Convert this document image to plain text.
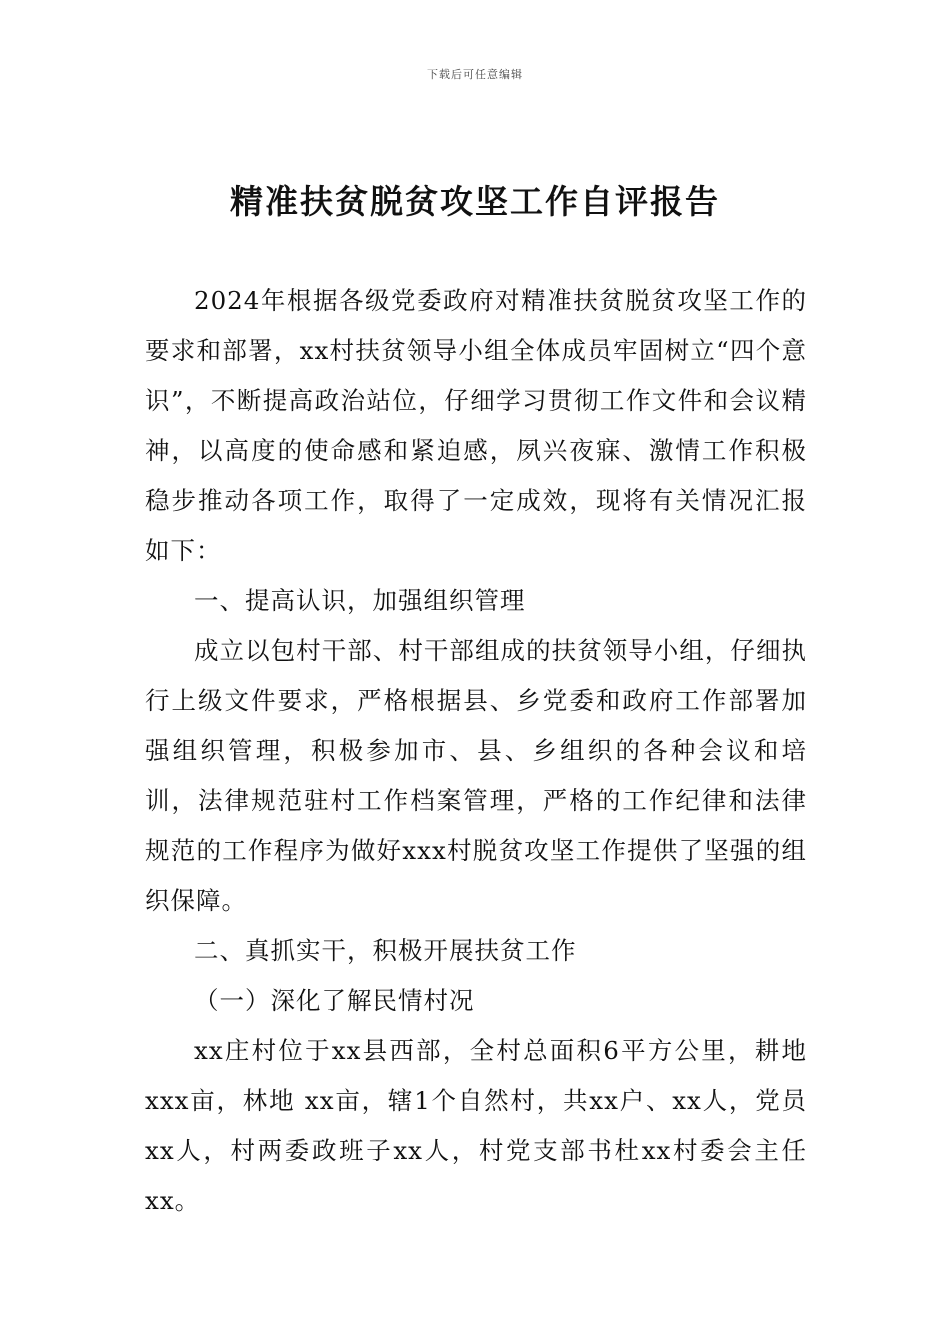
下载后可任意编辑
精准扶贫脱贫攻坚工作自评报告

2024年根据各级党委政府对精准扶贫脱贫攻坚工作的要求和部署，xx村扶贫领导小组全体成员牢固树立“四个意识”，不断提高政治站位，仔细学习贯彻工作文件和会议精神，以高度的使命感和紧迫感，夙兴夜寐、激情工作积极稳步推动各项工作，取得了一定成效，现将有关情况汇报如下：

一、提高认识，加强组织管理

成立以包村干部、村干部组成的扶贫领导小组，仔细执行上级文件要求，严格根据县、乡党委和政府工作部署加强组织管理，积极参加市、县、乡组织的各种会议和培训，法律规范驻村工作档案管理，严格的工作纪律和法律规范的工作程序为做好xxx村脱贫攻坚工作提供了坚强的组织保障。

二、真抓实干，积极开展扶贫工作

（一）深化了解民情村况

xx庄村位于xx县西部，全村总面积6平方公里，耕地xxx亩，林地 xx亩，辖1个自然村，共xx户、xx人，党员xx人，村两委政班子xx人，村党支部书杜xx村委会主任xx。
